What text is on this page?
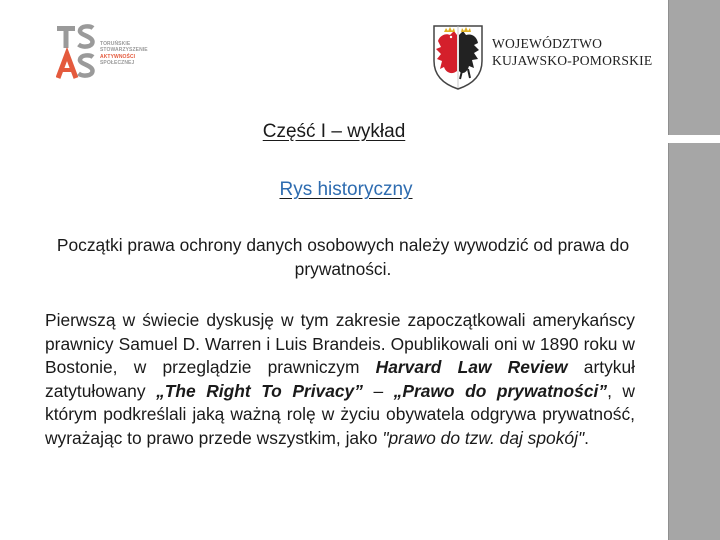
TORUŃSKIE
STOWARZYSZENIE
AKTYWNOŚCI
SPOŁECZNEJ
WOJEWÓDZTWO
KUJAWSKO-POMORSKIE
Część I – wykład
Rys historyczny
Początki prawa ochrony danych osobowych należy wywodzić od prawa do prywatności.
Pierwszą w świecie dyskusję w tym zakresie zapoczątkowali amerykańscy prawnicy Samuel D. Warren i Luis Brandeis. Opublikowali oni w 1890 roku w Bostonie, w przeglądzie prawniczym Harvard Law Review artykuł zatytułowany „The Right To Privacy” – „Prawo do prywatności”, w którym podkreślali jaką ważną rolę w życiu obywatela odgrywa prywatność, wyrażając to prawo przede wszystkim, jako "prawo do tzw. daj spokój".
